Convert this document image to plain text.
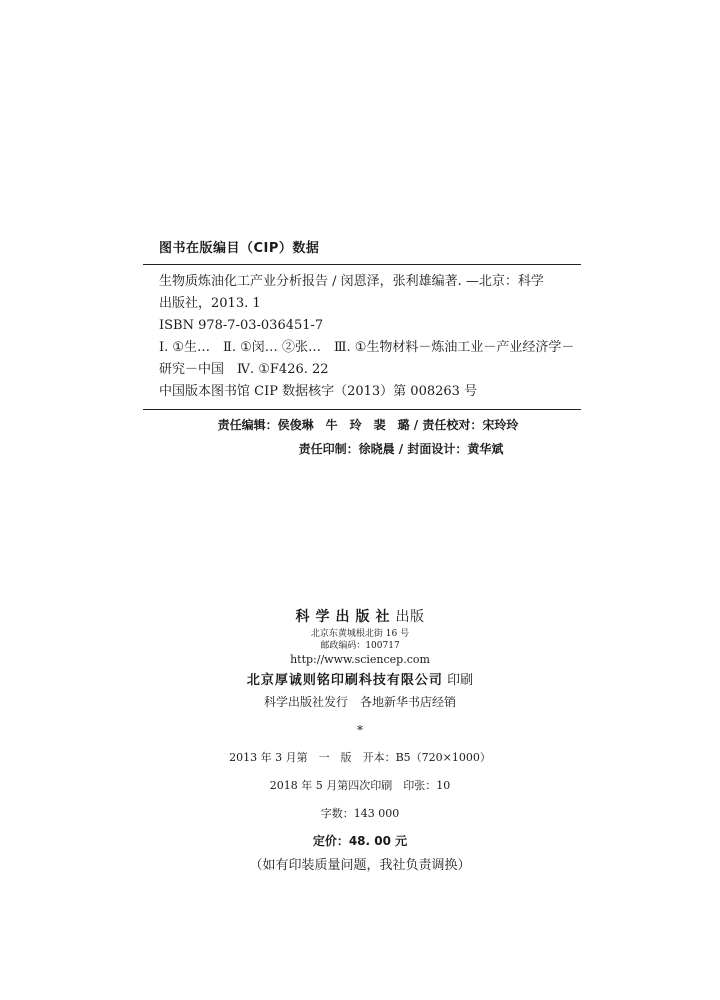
图书在版编目（CIP）数据

生物质炼油化工产业分析报告 / 闵恩泽，张利雄编著. —北京：科学

出版社，2013. 1

ISBN 978-7-03-036451-7

Ⅰ. ①生…　Ⅱ. ①闵… ②张…　Ⅲ. ①生物材料－炼油工业－产业经济学－

研究－中国　Ⅳ. ①F426. 22

中国版本图书馆 CIP 数据核字（2013）第 008263 号

责任编辑：侯俊琳　牛　玲　裴　璐 / 责任校对：宋玲玲

责任印制：徐晓晨 / 封面设计：黄华斌

科学出版社出版

北京东黄城根北街 16 号

邮政编码：100717

http://www.sciencep.com

北京厚诚则铭印刷科技有限公司 印刷

科学出版社发行　各地新华书店经销

*

2013 年 3 月第　一　版　开本：B5（720×1000）

2018 年 5 月第四次印刷　印张：10

字数：143 000

定价：48. 00 元

（如有印装质量问题，我社负责调换）
